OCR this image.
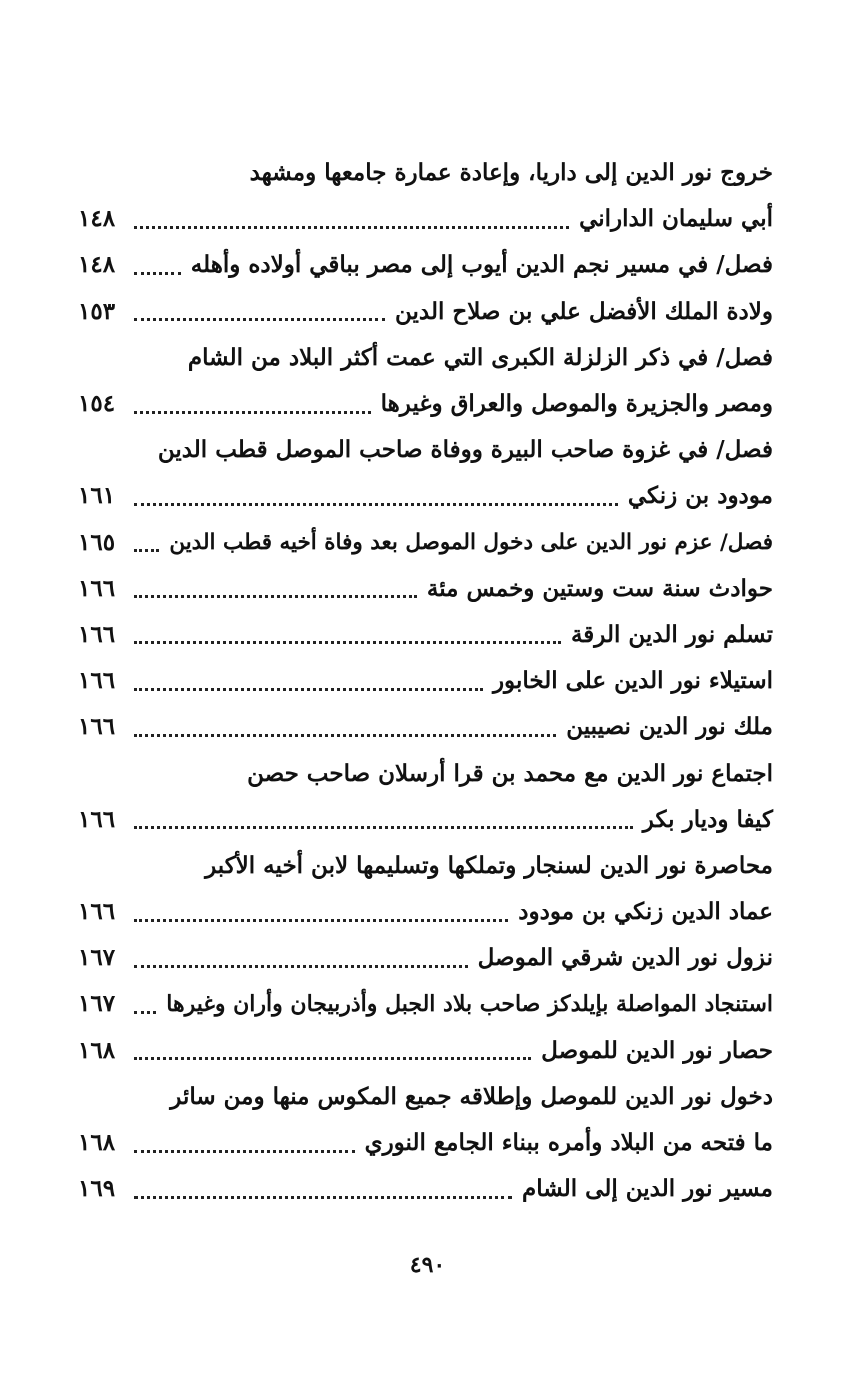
خروج نور الدين إلى داريا، وإعادة عمارة جامعها ومشهد
أبي سليمان الداراني
١٤٨
فصل/ في مسير نجم الدين أيوب إلى مصر بباقي أولاده وأهله
١٤٨
ولادة الملك الأفضل علي بن صلاح الدين
١٥٣
فصل/ في ذكر الزلزلة الكبرى التي عمت أكثر البلاد من الشام
ومصر والجزيرة والموصل والعراق وغيرها
١٥٤
فصل/ في غزوة صاحب البيرة ووفاة صاحب الموصل قطب الدين
مودود بن زنكي
١٦١
فصل/ عزم نور الدين على دخول الموصل بعد وفاة أخيه قطب الدين
١٦٥
حوادث سنة ست وستين وخمس مئة
١٦٦
تسلم نور الدين الرقة
١٦٦
استيلاء نور الدين على الخابور
١٦٦
ملك نور الدين نصيبين
١٦٦
اجتماع نور الدين مع محمد بن قرا أرسلان صاحب حصن
كيفا وديار بكر
١٦٦
محاصرة نور الدين لسنجار وتملكها وتسليمها لابن أخيه الأكبر
عماد الدين زنكي بن مودود
١٦٦
نزول نور الدين شرقي الموصل
١٦٧
استنجاد المواصلة بإيلدكز صاحب بلاد الجبل وأذربيجان وأران وغيرها
١٦٧
حصار نور الدين للموصل
١٦٨
دخول نور الدين للموصل وإطلاقه جميع المكوس منها ومن سائر
ما فتحه من البلاد وأمره ببناء الجامع النوري
١٦٨
مسير نور الدين إلى الشام
١٦٩
٤٩٠
